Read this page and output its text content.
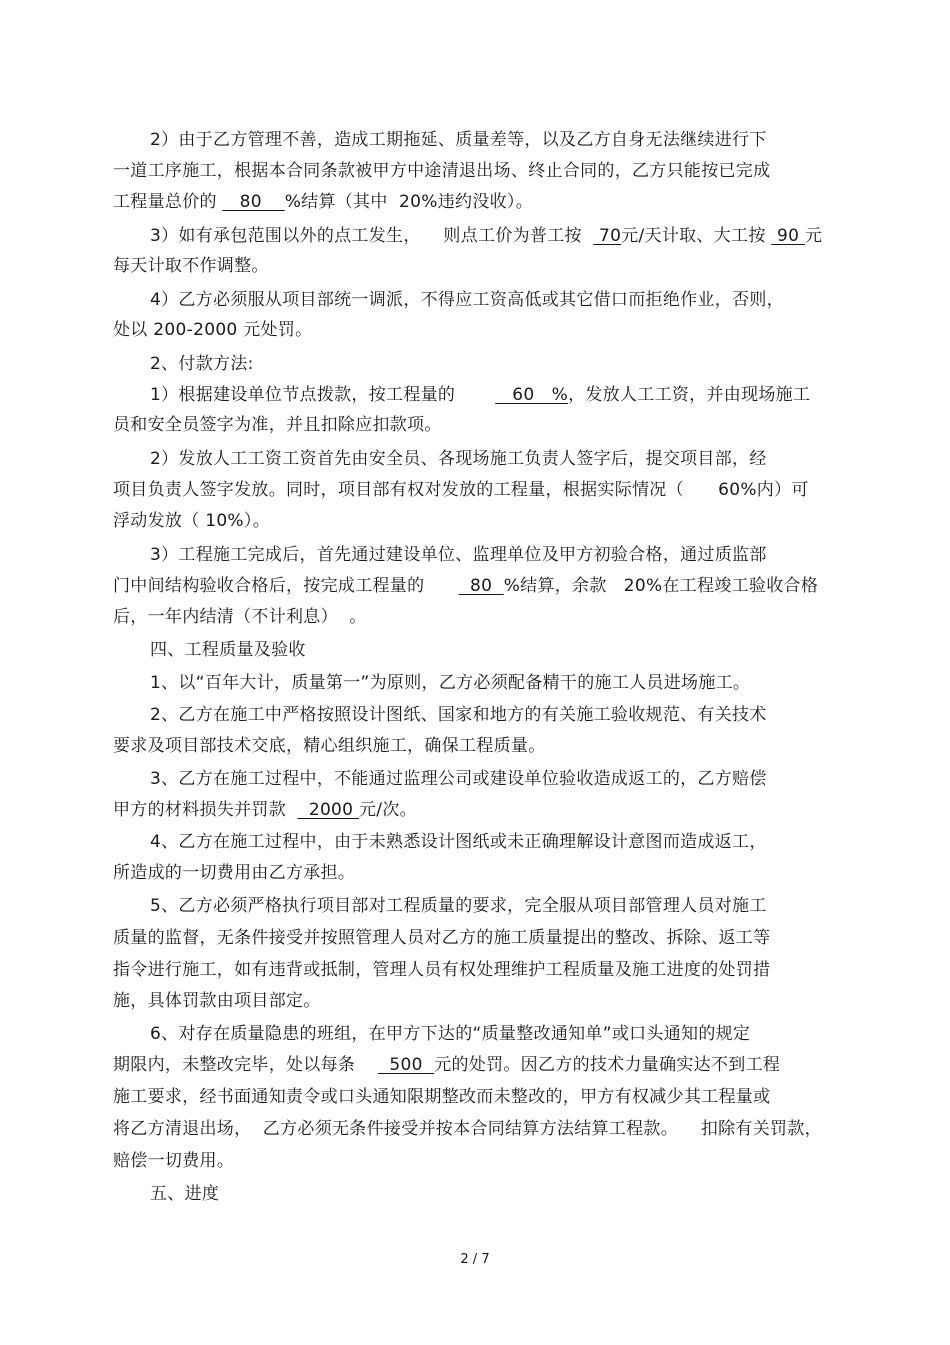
2）由于乙方管理不善，造成工期拖延、质量差等，以及乙方自身无法继续进行下
一道工序施工，根据本合同条款被甲方中途清退出场、终止合同的，乙方只能按已完成
工程量总价的    80    %结算（其中  20%违约没收）。
3）如有承包范围以外的点工发生，    则点工价为普工按   70元/天计取、大工按  90 元
每天计取不作调整。
4）乙方必须服从项目部统一调派，不得应工资高低或其它借口而拒绝作业，否则，
处以 200-2000 元处罚。
2、付款方法:
1）根据建设单位节点拨款，按工程量的          60   %，发放人工工资，并由现场施工
员和安全员签字为准，并且扣除应扣款项。
2）发放人工工资工资首先由安全员、各现场施工负责人签字后，提交项目部，经
项目负责人签字发放。同时，项目部有权对发放的工程量，根据实际情况（      60%内）可
浮动发放（ 10%）。
3）工程施工完成后，首先通过建设单位、监理单位及甲方初验合格，通过质监部
门中间结构验收合格后，按完成工程量的        80  %结算，余款   20%在工程竣工验收合格
后，一年内结清（不计利息）  。
四、工程质量及验收
1、以“百年大计，质量第一”为原则，乙方必须配备精干的施工人员进场施工。
2、乙方在施工中严格按照设计图纸、国家和地方的有关施工验收规范、有关技术
要求及项目部技术交底，精心组织施工，确保工程质量。
3、乙方在施工过程中，不能通过监理公司或建设单位验收造成返工的，乙方赔偿
甲方的材料损失并罚款    2000 元/次。
4、乙方在施工过程中，由于未熟悉设计图纸或未正确理解设计意图而造成返工，
所造成的一切费用由乙方承担。
5、乙方必须严格执行项目部对工程质量的要求，完全服从项目部管理人员对施工
质量的监督，无条件接受并按照管理人员对乙方的施工质量提出的整改、拆除、返工等
指令进行施工，如有违背或抵制，管理人员有权处理维护工程质量及施工进度的处罚措
施，具体罚款由项目部定。
6、对存在质量隐患的班组，在甲方下达的“质量整改通知单”或口头通知的规定
期限内，未整改完毕，处以每条      500  元的处罚。因乙方的技术力量确实达不到工程
施工要求，经书面通知责令或口头通知限期整改而未整改的，甲方有权减少其工程量或
将乙方清退出场，  乙方必须无条件接受并按本合同结算方法结算工程款。    扣除有关罚款，
赔偿一切费用。
五、进度
2 / 7
